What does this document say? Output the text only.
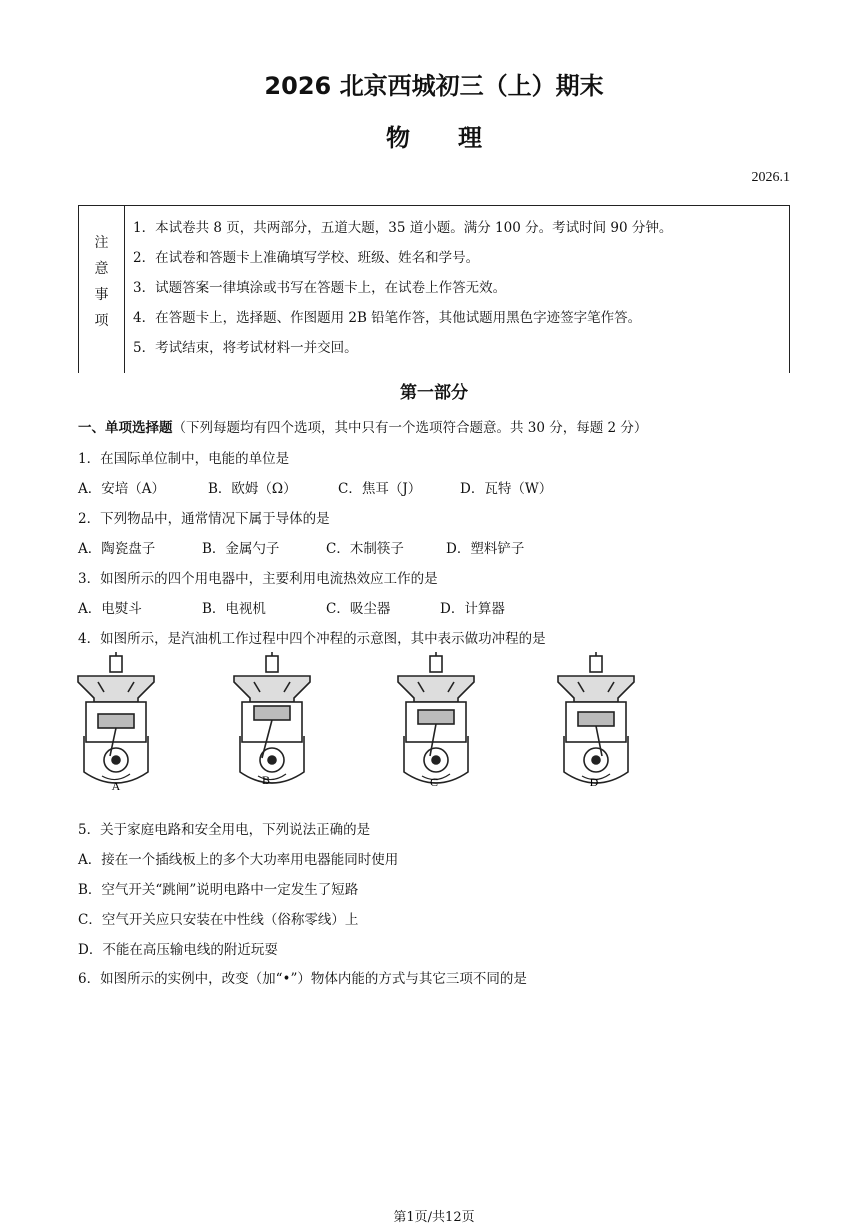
2026 北京西城初三（上）期末
物理
2026.1
注
意
事
项
1．本试卷共 8 页，共两部分，五道大题，35 道小题。满分 100 分。考试时间 90 分钟。
2．在试卷和答题卡上准确填写学校、班级、姓名和学号。
3．试题答案一律填涂或书写在答题卡上，在试卷上作答无效。
4．在答题卡上，选择题、作图题用 2B 铅笔作答，其他试题用黑色字迹签字笔作答。
5．考试结束，将考试材料一并交回。
第一部分
一、单项选择题（下列每题均有四个选项，其中只有一个选项符合题意。共 30 分，每题 2 分）
1．在国际单位制中，电能的单位是
A．安培（A）	B．欧姆（Ω）	C．焦耳（J）	D．瓦特（W）
2．下列物品中，通常情况下属于导体的是
A．陶瓷盘子	B．金属勺子	C．木制筷子	D．塑料铲子
3．如图所示的四个用电器中，主要利用电流热效应工作的是
A．电熨斗	B．电视机	C．吸尘器	D．计算器
4．如图所示，是汽油机工作过程中四个冲程的示意图，其中表示做功冲程的是
A	B	C	D
5．关于家庭电路和安全用电，下列说法正确的是
A．接在一个插线板上的多个大功率用电器能同时使用
B．空气开关“跳闸”说明电路中一定发生了短路
C．空气开关应只安装在中性线（俗称零线）上
D．不能在高压输电线的附近玩耍
6．如图所示的实例中，改变（加“•”）物体内能的方式与其它三项不同的是
第1页/共12页
